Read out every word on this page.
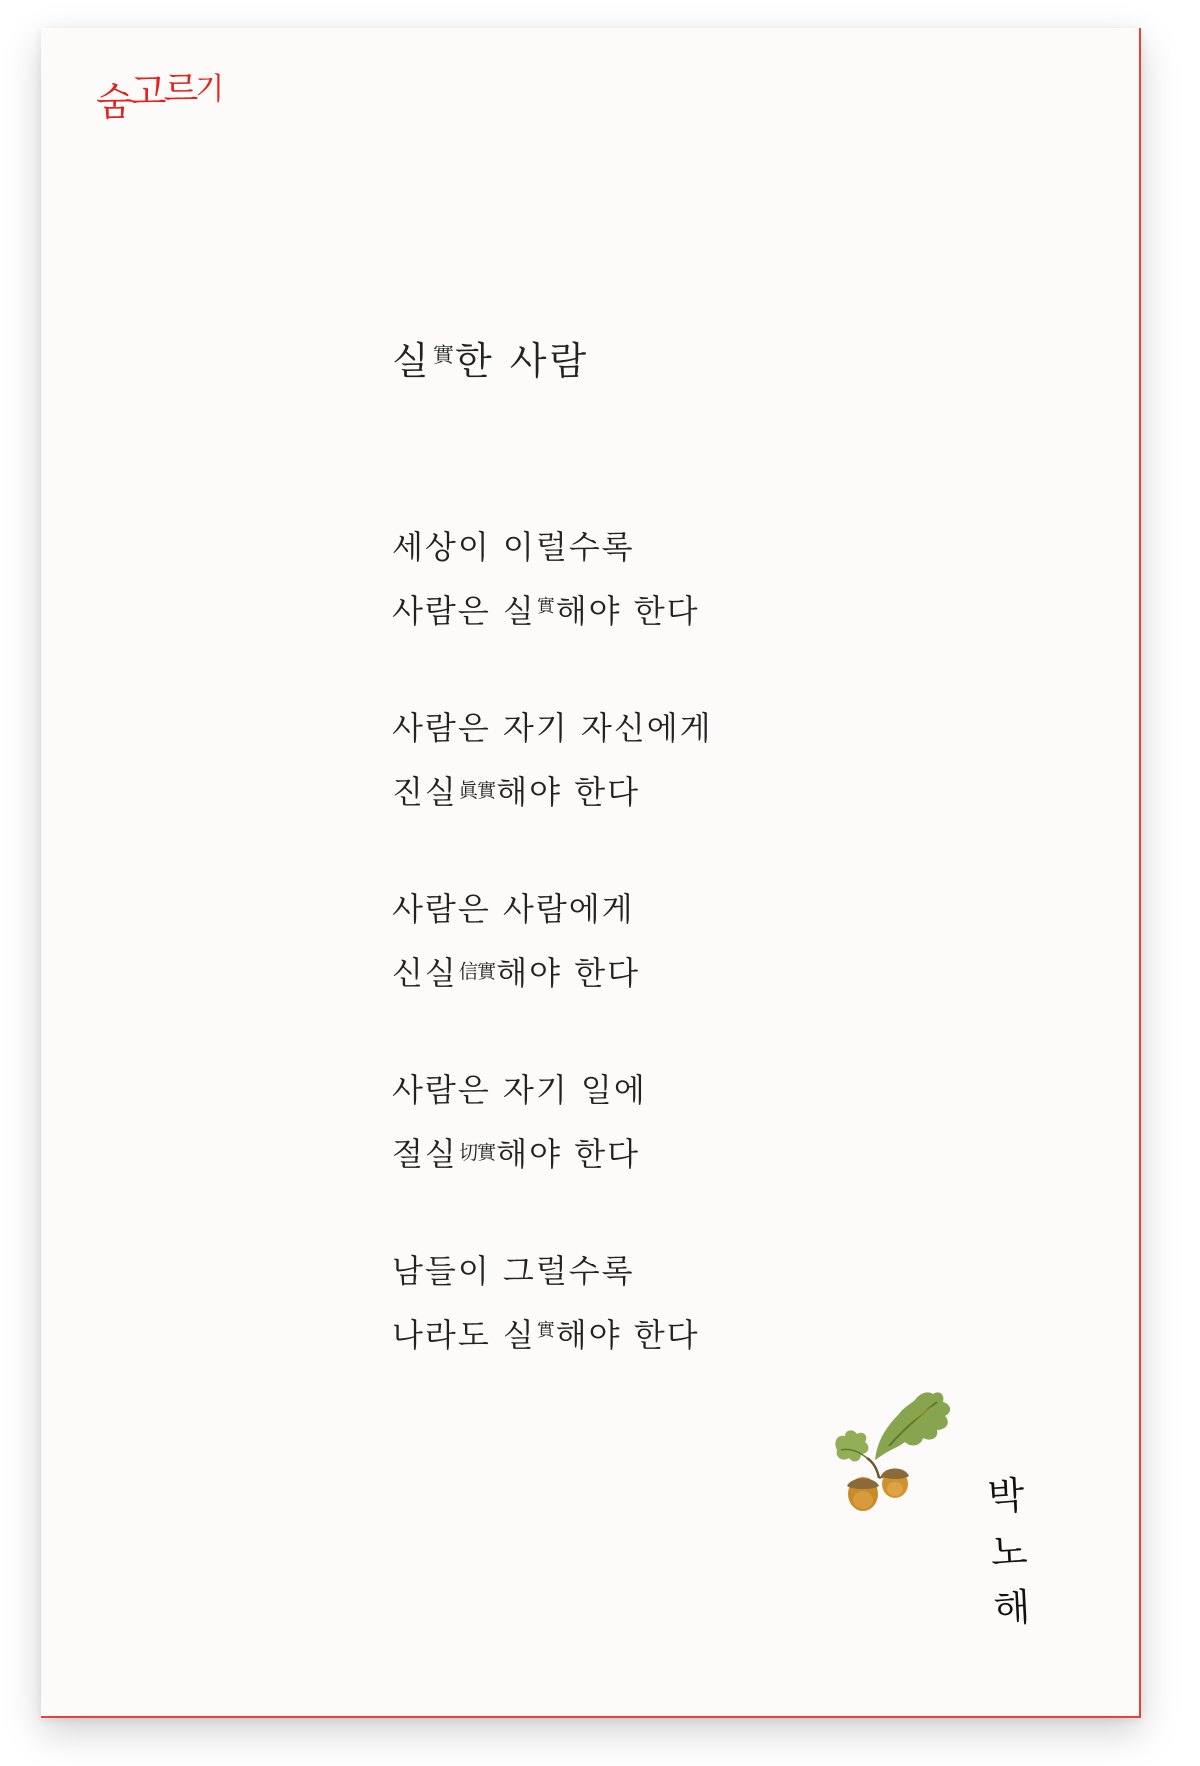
숨고르기
실$^實$한 사람
세상이 이럴수록
사람은 실$^實$해야 한다
사람은 자기 자신에게
진실眞實해야 한다
사람은 사람에게
신실信實해야 한다
사람은 자기 일에
절실切實해야 한다
남들이 그럴수록
나라도 실$^實$해야 한다
박
노
해
